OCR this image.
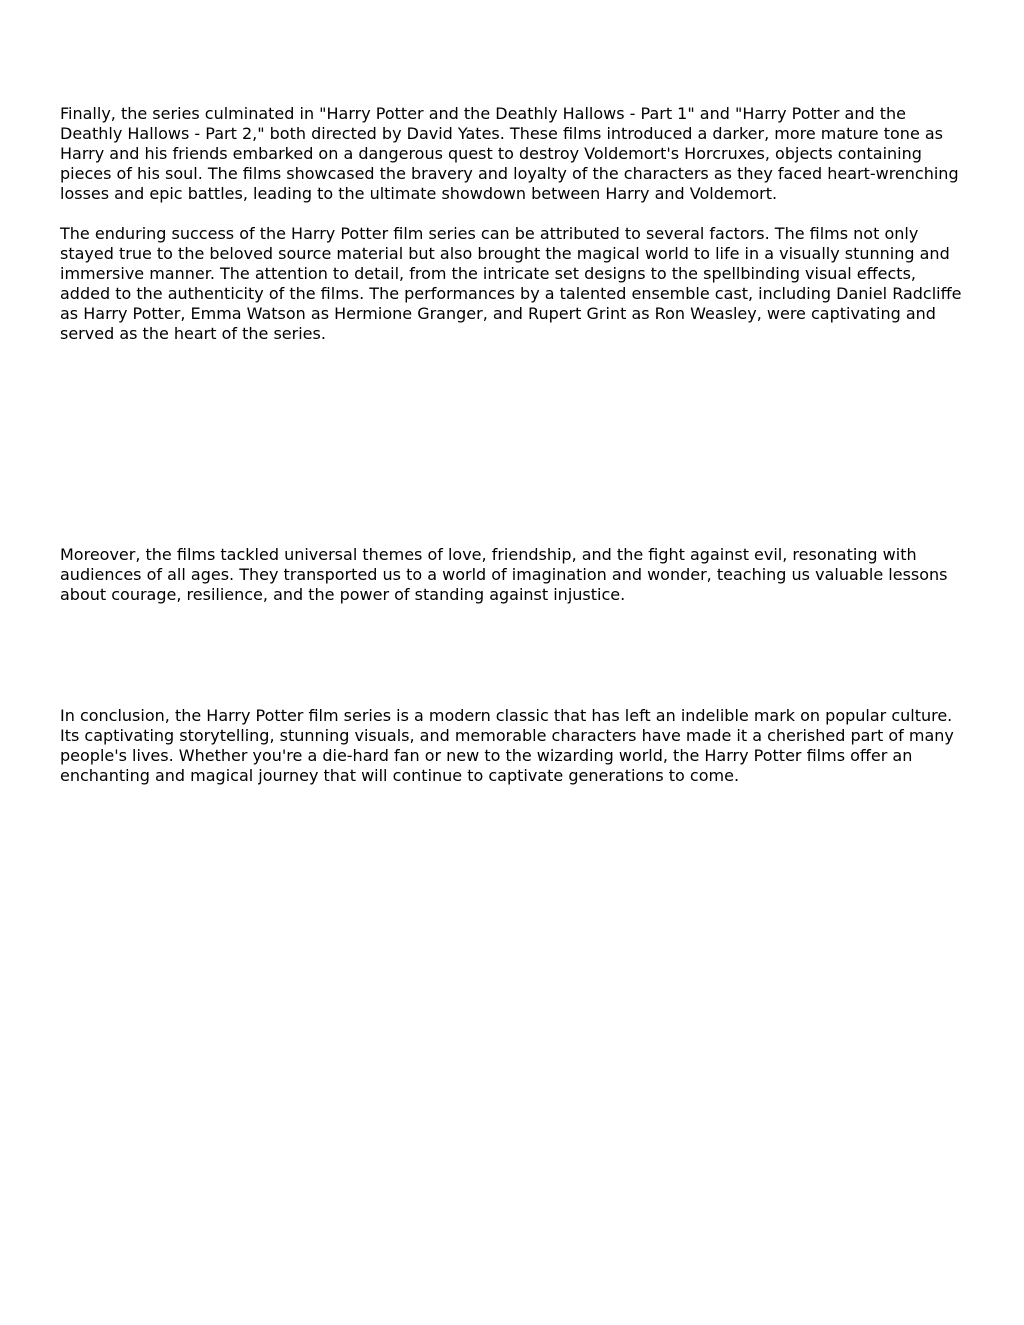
Finally, the series culminated in "Harry Potter and the Deathly Hallows - Part 1" and "Harry Potter and the Deathly Hallows - Part 2," both directed by David Yates. These films introduced a darker, more mature tone as Harry and his friends embarked on a dangerous quest to destroy Voldemort's Horcruxes, objects containing pieces of his soul. The films showcased the bravery and loyalty of the characters as they faced heart-wrenching losses and epic battles, leading to the ultimate showdown between Harry and Voldemort.

The enduring success of the Harry Potter film series can be attributed to several factors. The films not only stayed true to the beloved source material but also brought the magical world to life in a visually stunning and immersive manner. The attention to detail, from the intricate set designs to the spellbinding visual effects, added to the authenticity of the films. The performances by a talented ensemble cast, including Daniel Radcliffe as Harry Potter, Emma Watson as Hermione Granger, and Rupert Grint as Ron Weasley, were captivating and served as the heart of the series.

Moreover, the films tackled universal themes of love, friendship, and the fight against evil, resonating with audiences of all ages. They transported us to a world of imagination and wonder, teaching us valuable lessons about courage, resilience, and the power of standing against injustice.

In conclusion, the Harry Potter film series is a modern classic that has left an indelible mark on popular culture. Its captivating storytelling, stunning visuals, and memorable characters have made it a cherished part of many people's lives. Whether you're a die-hard fan or new to the wizarding world, the Harry Potter films offer an enchanting and magical journey that will continue to captivate generations to come.
